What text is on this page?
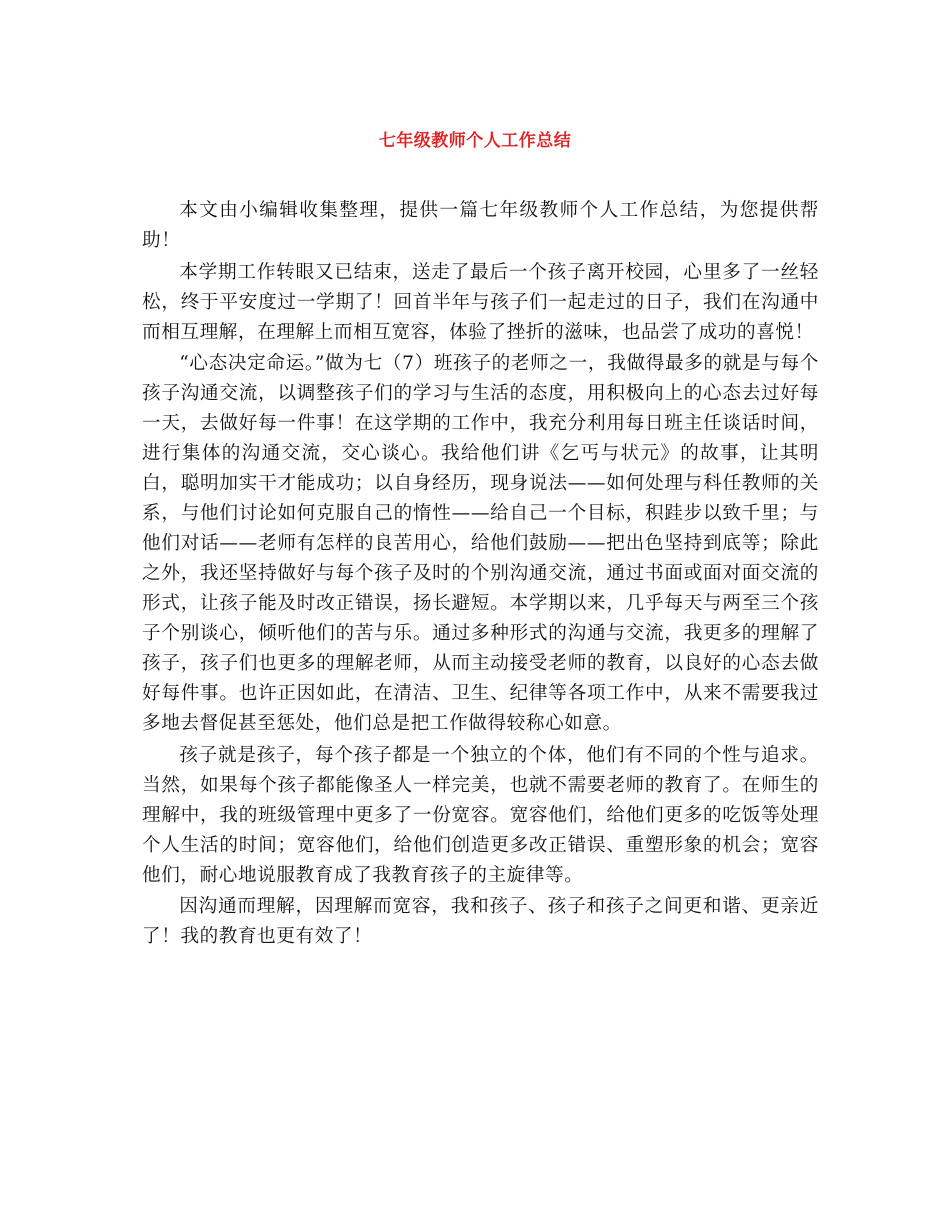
七年级教师个人工作总结

本文由小编辑收集整理，提供一篇七年级教师个人工作总结，为您提供帮助！

本学期工作转眼又已结束，送走了最后一个孩子离开校园，心里多了一丝轻松，终于平安度过一学期了！回首半年与孩子们一起走过的日子，我们在沟通中而相互理解，在理解上而相互宽容，体验了挫折的滋味，也品尝了成功的喜悦！

“心态决定命运。”做为七（7）班孩子的老师之一，我做得最多的就是与每个孩子沟通交流，以调整孩子们的学习与生活的态度，用积极向上的心态去过好每一天，去做好每一件事！在这学期的工作中，我充分利用每日班主任谈话时间，进行集体的沟通交流，交心谈心。我给他们讲《乞丐与状元》的故事，让其明白，聪明加实干才能成功；以自身经历，现身说法——如何处理与科任教师的关系，与他们讨论如何克服自己的惰性——给自己一个目标，积跬步以致千里；与他们对话——老师有怎样的良苦用心，给他们鼓励——把出色坚持到底等；除此之外，我还坚持做好与每个孩子及时的个别沟通交流，通过书面或面对面交流的形式，让孩子能及时改正错误，扬长避短。本学期以来，几乎每天与两至三个孩子个别谈心，倾听他们的苦与乐。通过多种形式的沟通与交流，我更多的理解了孩子，孩子们也更多的理解老师，从而主动接受老师的教育，以良好的心态去做好每件事。也许正因如此，在清洁、卫生、纪律等各项工作中，从来不需要我过多地去督促甚至惩处，他们总是把工作做得较称心如意。

孩子就是孩子，每个孩子都是一个独立的个体，他们有不同的个性与追求。当然，如果每个孩子都能像圣人一样完美，也就不需要老师的教育了。在师生的理解中，我的班级管理中更多了一份宽容。宽容他们，给他们更多的吃饭等处理个人生活的时间；宽容他们，给他们创造更多改正错误、重塑形象的机会；宽容他们，耐心地说服教育成了我教育孩子的主旋律等。

因沟通而理解，因理解而宽容，我和孩子、孩子和孩子之间更和谐、更亲近了！我的教育也更有效了！
